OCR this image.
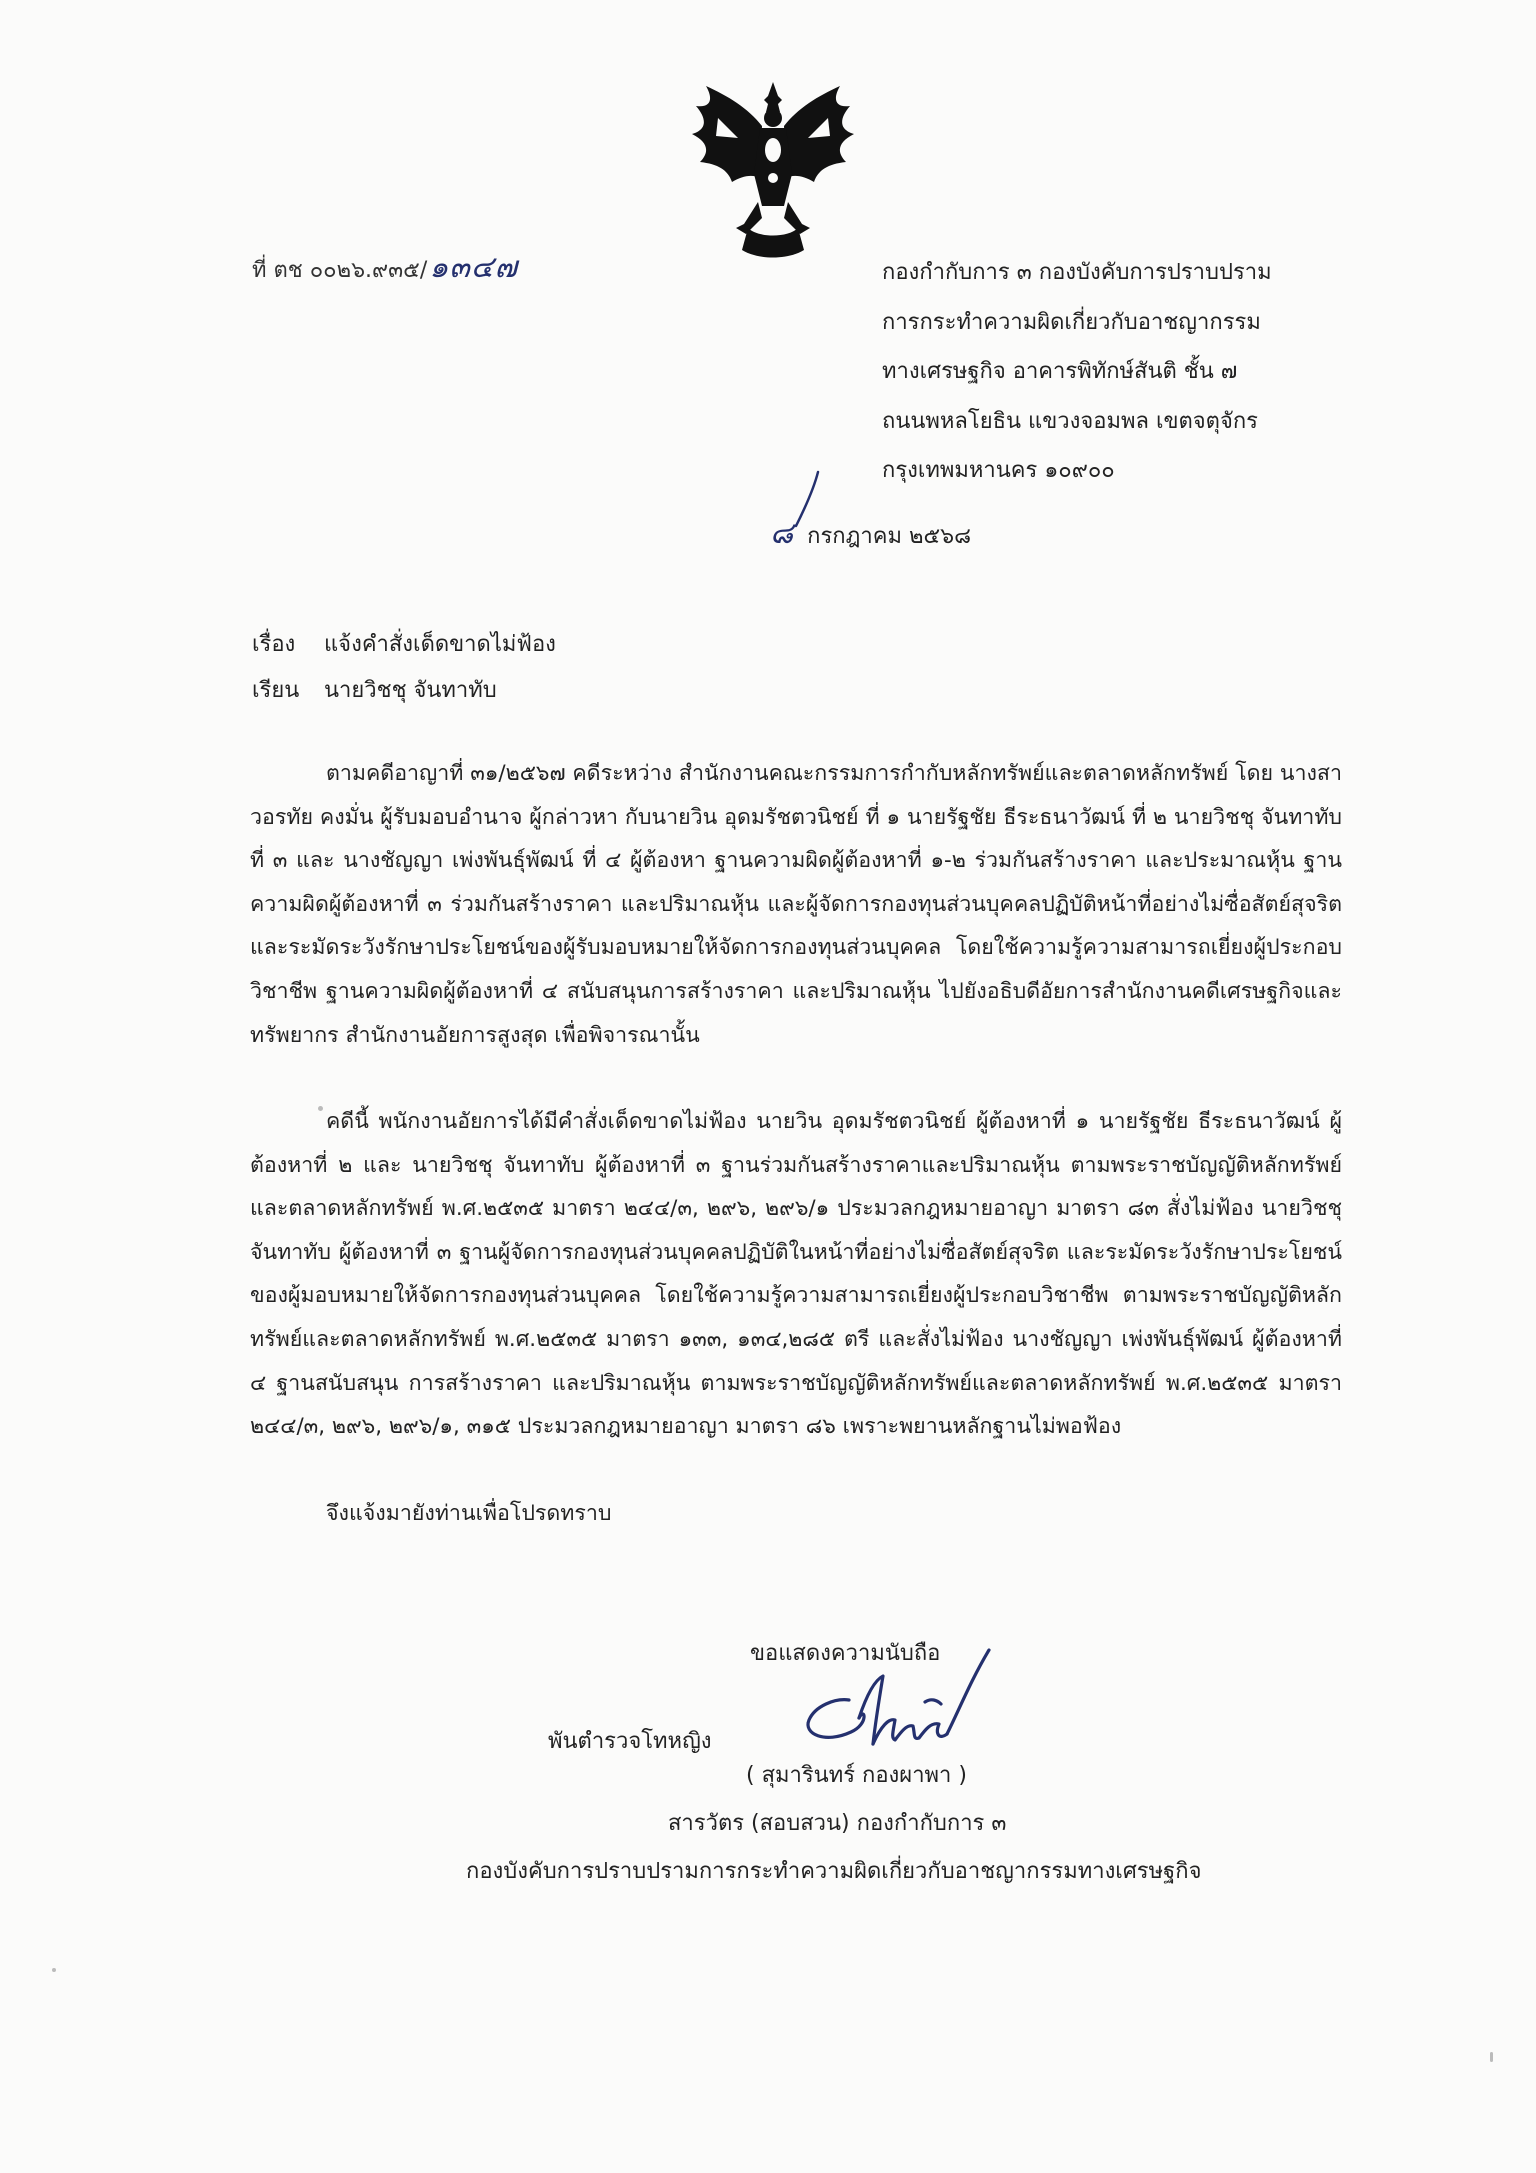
ที่ ตช ๐๐๒๖.๙๓๕/๑๓๔๗	กองกำกับการ ๓ กองบังคับการปราบปราม
การกระทำความผิดเกี่ยวกับอาชญากรรม
ทางเศรษฐกิจ อาคารพิทักษ์สันติ ชั้น ๗
ถนนพหลโยธิน แขวงจอมพล เขตจตุจักร
กรุงเทพมหานคร ๑๐๙๐๐
๘ กรกฎาคม ๒๕๖๘
เรื่อง แจ้งคำสั่งเด็ดขาดไม่ฟ้อง
เรียน นายวิชชุ จันทาทับ

ตามคดีอาญาที่ ๓๑/๒๕๖๗ คดีระหว่าง สำนักงานคณะกรรมการกำกับหลักทรัพย์และตลาดหลักทรัพย์ โดย นางสาวอรทัย คงมั่น ผู้รับมอบอำนาจ ผู้กล่าวหา กับนายวิน อุดมรัชตวนิชย์ ที่ ๑ นายรัฐชัย ธีระธนาวัฒน์ ที่ ๒ นายวิชชุ จันทาทับ ที่ ๓ และ นางชัญญา เพ่งพันธุ์พัฒน์ ที่ ๔ ผู้ต้องหา ฐานความผิดผู้ต้องหาที่ ๑-๒ ร่วมกันสร้างราคา และประมาณหุ้น ฐานความผิดผู้ต้องหาที่ ๓ ร่วมกันสร้างราคา และปริมาณหุ้น และผู้จัดการกองทุนส่วนบุคคลปฏิบัติหน้าที่อย่างไม่ซื่อสัตย์สุจริตและระมัดระวังรักษาประโยชน์ของผู้รับมอบหมายให้จัดการกองทุนส่วนบุคคล โดยใช้ความรู้ความสามารถเยี่ยงผู้ประกอบวิชาชีพ ฐานความผิดผู้ต้องหาที่ ๔ สนับสนุนการสร้างราคา และปริมาณหุ้น ไปยังอธิบดีอัยการสำนักงานคดีเศรษฐกิจและทรัพยากร สำนักงานอัยการสูงสุด เพื่อพิจารณานั้น

คดีนี้ พนักงานอัยการได้มีคำสั่งเด็ดขาดไม่ฟ้อง นายวิน อุดมรัชตวนิชย์ ผู้ต้องหาที่ ๑ นายรัฐชัย ธีระธนาวัฒน์ ผู้ต้องหาที่ ๒ และ นายวิชชุ จันทาทับ ผู้ต้องหาที่ ๓ ฐานร่วมกันสร้างราคาและปริมาณหุ้น ตามพระราชบัญญัติหลักทรัพย์และตลาดหลักทรัพย์ พ.ศ.๒๕๓๕ มาตรา ๒๔๔/๓, ๒๙๖, ๒๙๖/๑ ประมวลกฎหมายอาญา มาตรา ๘๓ สั่งไม่ฟ้อง นายวิชชุ จันทาทับ ผู้ต้องหาที่ ๓ ฐานผู้จัดการกองทุนส่วนบุคคลปฏิบัติในหน้าที่อย่างไม่ซื่อสัตย์สุจริต และระมัดระวังรักษาประโยชน์ของผู้มอบหมายให้จัดการกองทุนส่วนบุคคล โดยใช้ความรู้ความสามารถเยี่ยงผู้ประกอบวิชาชีพ ตามพระราชบัญญัติหลักทรัพย์และตลาดหลักทรัพย์ พ.ศ.๒๕๓๕ มาตรา ๑๓๓, ๑๓๔,๒๘๕ ตรี และสั่งไม่ฟ้อง นางชัญญา เพ่งพันธุ์พัฒน์ ผู้ต้องหาที่ ๔ ฐานสนับสนุน การสร้างราคา และปริมาณหุ้น ตามพระราชบัญญัติหลักทรัพย์และตลาดหลักทรัพย์ พ.ศ.๒๕๓๕ มาตรา ๒๔๔/๓, ๒๙๖, ๒๙๖/๑, ๓๑๕ ประมวลกฎหมายอาญา มาตรา ๘๖ เพราะพยานหลักฐานไม่พอฟ้อง

จึงแจ้งมายังท่านเพื่อโปรดทราบ

ขอแสดงความนับถือ
พันตำรวจโทหญิง
( สุมารินทร์ กองผาพา )
สารวัตร (สอบสวน) กองกำกับการ ๓
กองบังคับการปราบปรามการกระทำความผิดเกี่ยวกับอาชญากรรมทางเศรษฐกิจ
